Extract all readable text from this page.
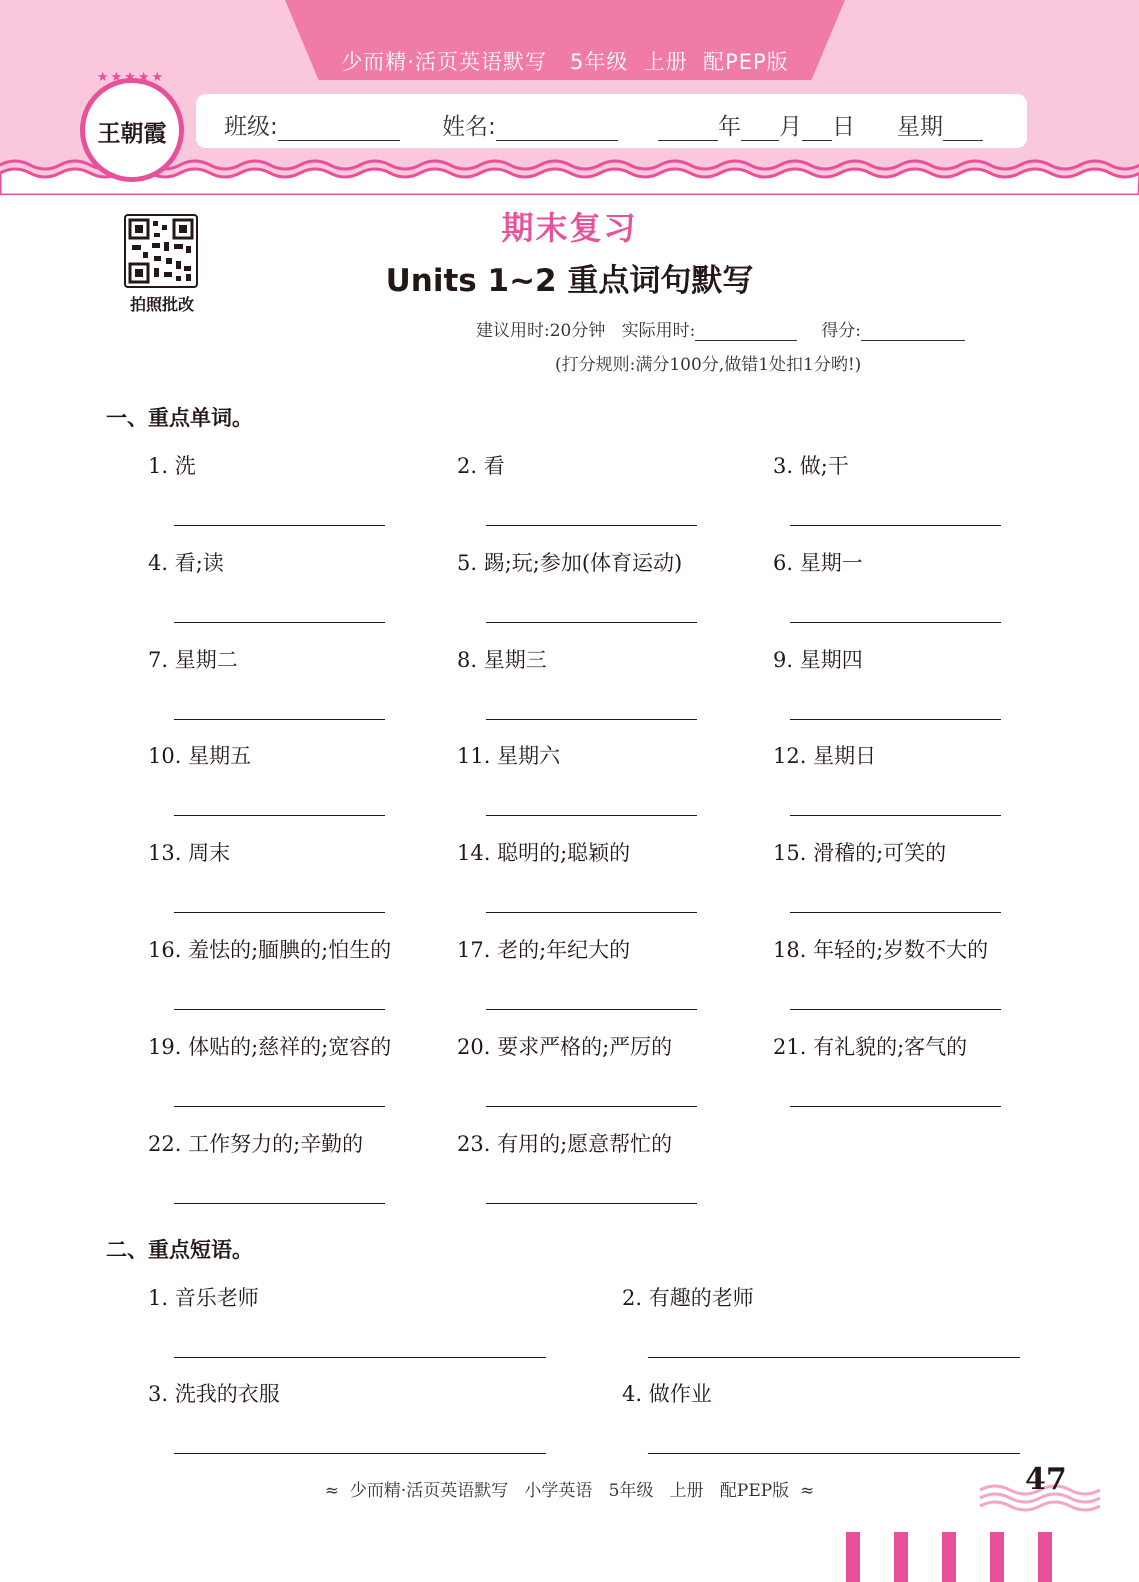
少而精·活页英语默写   5年级  上册  配PEP版
班级:	姓名:	年 月 日 星期
王朝霞
★★★★★
拍照批改
期末复习
Units 1~2 重点词句默写
建议用时:20分钟   实际用时:	得分:
(打分规则:满分100分,做错1处扣1分哟!)
一、重点单词。
1. 洗	2. 看	3. 做;干
4. 看;读	5. 踢;玩;参加(体育运动)	6. 星期一
7. 星期二	8. 星期三	9. 星期四
10. 星期五	11. 星期六	12. 星期日
13. 周末	14. 聪明的;聪颖的	15. 滑稽的;可笑的
16. 羞怯的;腼腆的;怕生的	17. 老的;年纪大的	18. 年轻的;岁数不大的
19. 体贴的;慈祥的;宽容的	20. 要求严格的;严厉的	21. 有礼貌的;客气的
22. 工作努力的;辛勤的	23. 有用的;愿意帮忙的
二、重点短语。
1. 音乐老师	2. 有趣的老师
3. 洗我的衣服	4. 做作业
≈  少而精·活页英语默写   小学英语   5年级   上册   配PEP版  ≈	47
